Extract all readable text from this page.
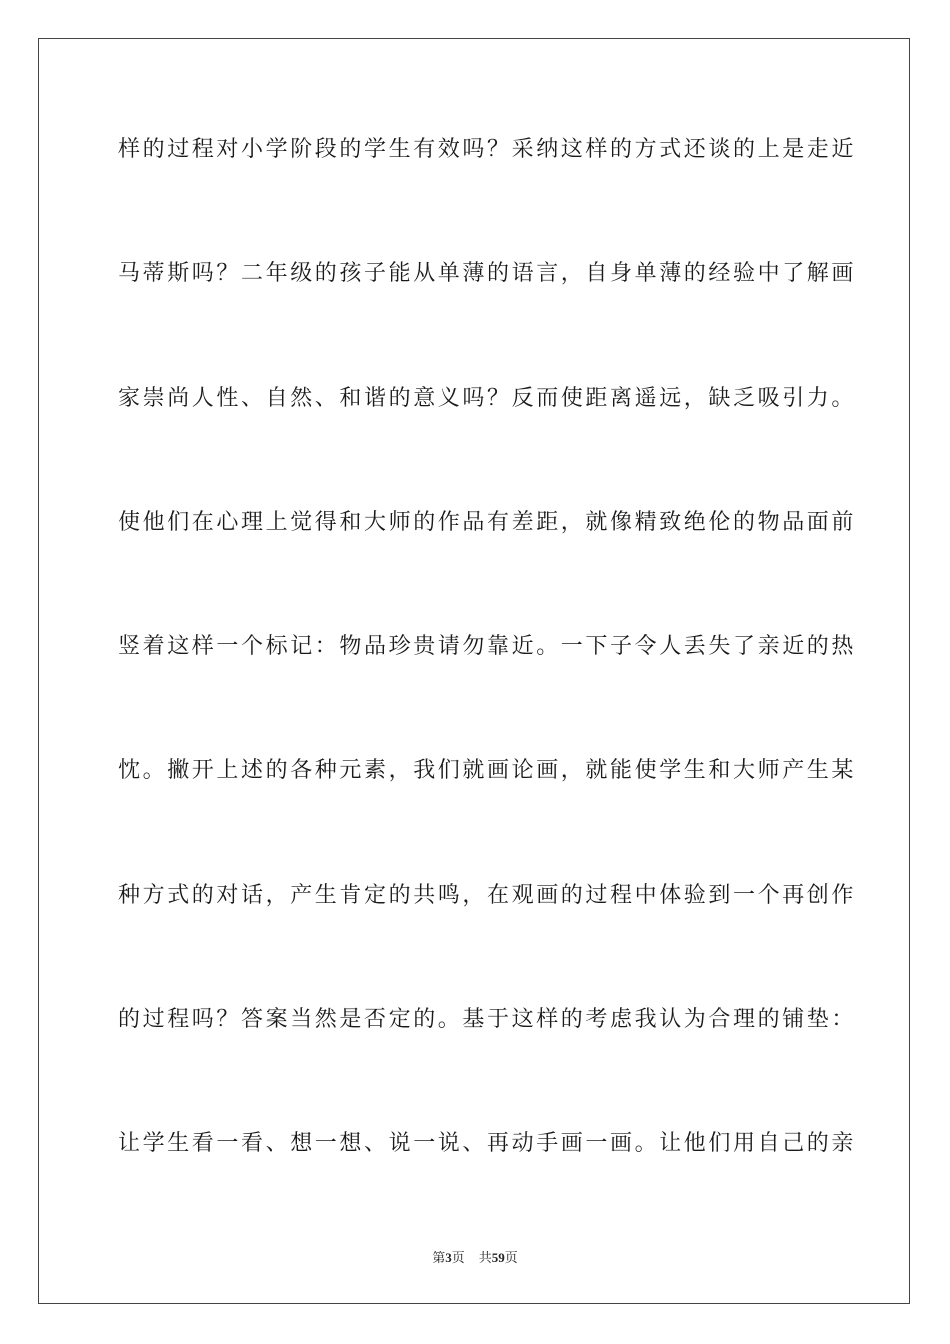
样的过程对小学阶段的学生有效吗？采纳这样的方式还谈的上是走近
马蒂斯吗？二年级的孩子能从单薄的语言，自身单薄的经验中了解画
家崇尚人性、自然、和谐的意义吗？反而使距离遥远，缺乏吸引力。
使他们在心理上觉得和大师的作品有差距，就像精致绝伦的物品面前
竖着这样一个标记：物品珍贵请勿靠近。一下子令人丢失了亲近的热
忱。撇开上述的各种元素，我们就画论画，就能使学生和大师产生某
种方式的对话，产生肯定的共鸣，在观画的过程中体验到一个再创作
的过程吗？答案当然是否定的。基于这样的考虑我认为合理的铺垫：
让学生看一看、想一想、说一说、再动手画一画。让他们用自己的亲
第3页 共59页
